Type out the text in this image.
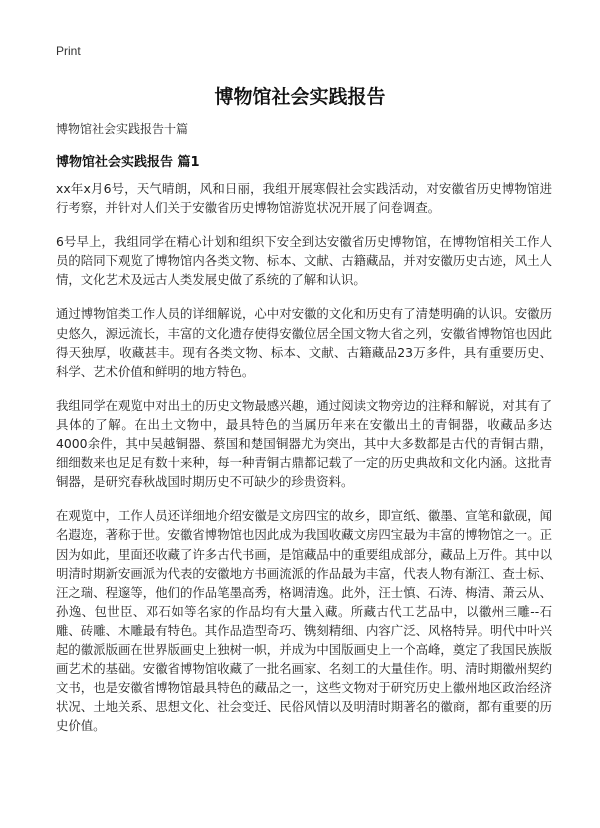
Print
博物馆社会实践报告
博物馆社会实践报告十篇
博物馆社会实践报告 篇1

xx年x月6号，天气晴朗，风和日丽，我组开展寒假社会实践活动，对安徽省历史博物馆进行考察，并针对人们关于安徽省历史博物馆游览状况开展了问卷调查。

6号早上，我组同学在精心计划和组织下安全到达安徽省历史博物馆，在博物馆相关工作人员的陪同下观览了博物馆内各类文物、标本、文献、古籍藏品，并对安徽历史古迹，风土人情，文化艺术及远古人类发展史做了系统的了解和认识。

通过博物馆类工作人员的详细解说，心中对安徽的文化和历史有了清楚明确的认识。安徽历史悠久，源远流长，丰富的文化遗存使得安徽位居全国文物大省之列，安徽省博物馆也因此得天独厚，收藏甚丰。现有各类文物、标本、文献、古籍藏品23万多件，具有重要历史、科学、艺术价值和鲜明的地方特色。

我组同学在观览中对出土的历史文物最感兴趣，通过阅读文物旁边的注释和解说，对其有了具体的了解。在出土文物中，最具特色的当属历年来在安徽出土的青铜器，收藏品多达4000余件，其中吴越铜器、蔡国和楚国铜器尤为突出，其中大多数都是古代的青铜古鼎，细细数来也足足有数十来种，每一种青铜古鼎都记载了一定的历史典故和文化内涵。这批青铜器，是研究春秋战国时期历史不可缺少的珍贵资料。

在观览中，工作人员还详细地介绍安徽是文房四宝的故乡，即宣纸、徽墨、宣笔和歙砚，闻名遐迩，著称于世。安徽省博物馆也因此成为我国收藏文房四宝最为丰富的博物馆之一。正因为如此，里面还收藏了许多古代书画，是馆藏品中的重要组成部分，藏品上万件。其中以明清时期新安画派为代表的安徽地方书画流派的作品最为丰富，代表人物有渐江、查士标、汪之瑞、程邃等，他们的作品笔墨高秀，格调清逸。此外，汪士慎、石涛、梅清、萧云从、孙逸、包世臣、邓石如等名家的作品均有大量入藏。所藏古代工艺品中，以徽州三雕--石雕、砖雕、木雕最有特色。其作品造型奇巧、镌刻精细、内容广泛、风格特异。明代中叶兴起的徽派版画在世界版画史上独树一帜，并成为中国版画史上一个高峰，奠定了我国民族版画艺术的基础。安徽省博物馆收藏了一批名画家、名刻工的大量佳作。明、清时期徽州契约文书，也是安徽省博物馆最具特色的藏品之一，这些文物对于研究历史上徽州地区政治经济状况、土地关系、思想文化、社会变迁、民俗风情以及明清时期著名的徽商，都有重要的历史价值。
